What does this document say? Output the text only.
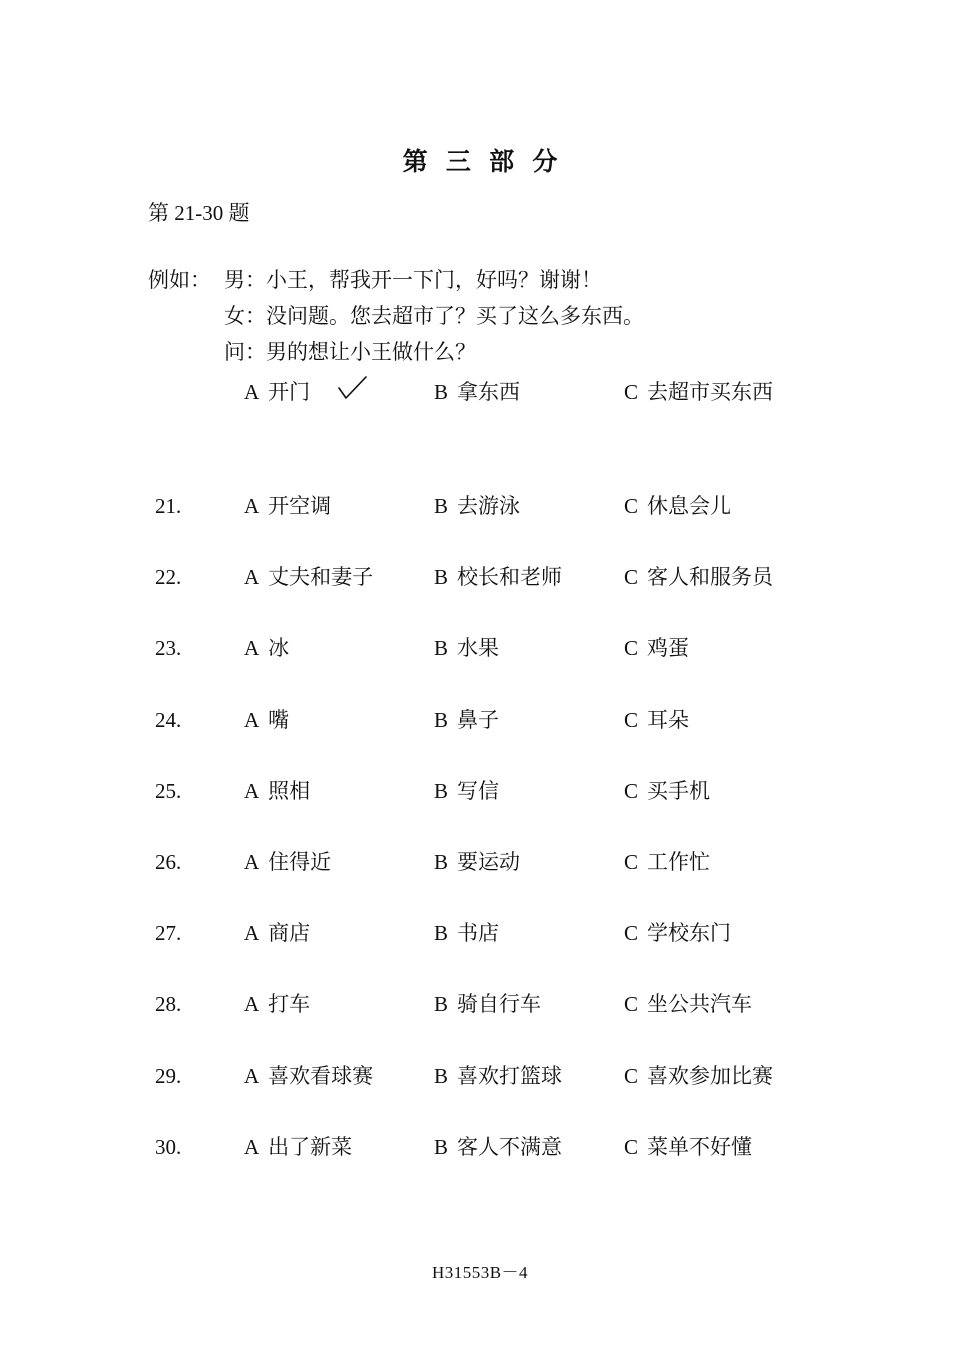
第 三 部 分
第 21-30 题
例如： 男：小王，帮我开一下门，好吗？谢谢！
女：没问题。您去超市了？买了这么多东西。
问：男的想让小王做什么？
A 开门	B 拿东西	C 去超市买东西
21.	A 开空调	B 去游泳	C 休息会儿
22.	A 丈夫和妻子	B 校长和老师	C 客人和服务员
23.	A 冰	B 水果	C 鸡蛋
24.	A 嘴	B 鼻子	C 耳朵
25.	A 照相	B 写信	C 买手机
26.	A 住得近	B 要运动	C 工作忙
27.	A 商店	B 书店	C 学校东门
28.	A 打车	B 骑自行车	C 坐公共汽车
29.	A 喜欢看球赛	B 喜欢打篮球	C 喜欢参加比赛
30.	A 出了新菜	B 客人不满意	C 菜单不好懂
H31553B－4
